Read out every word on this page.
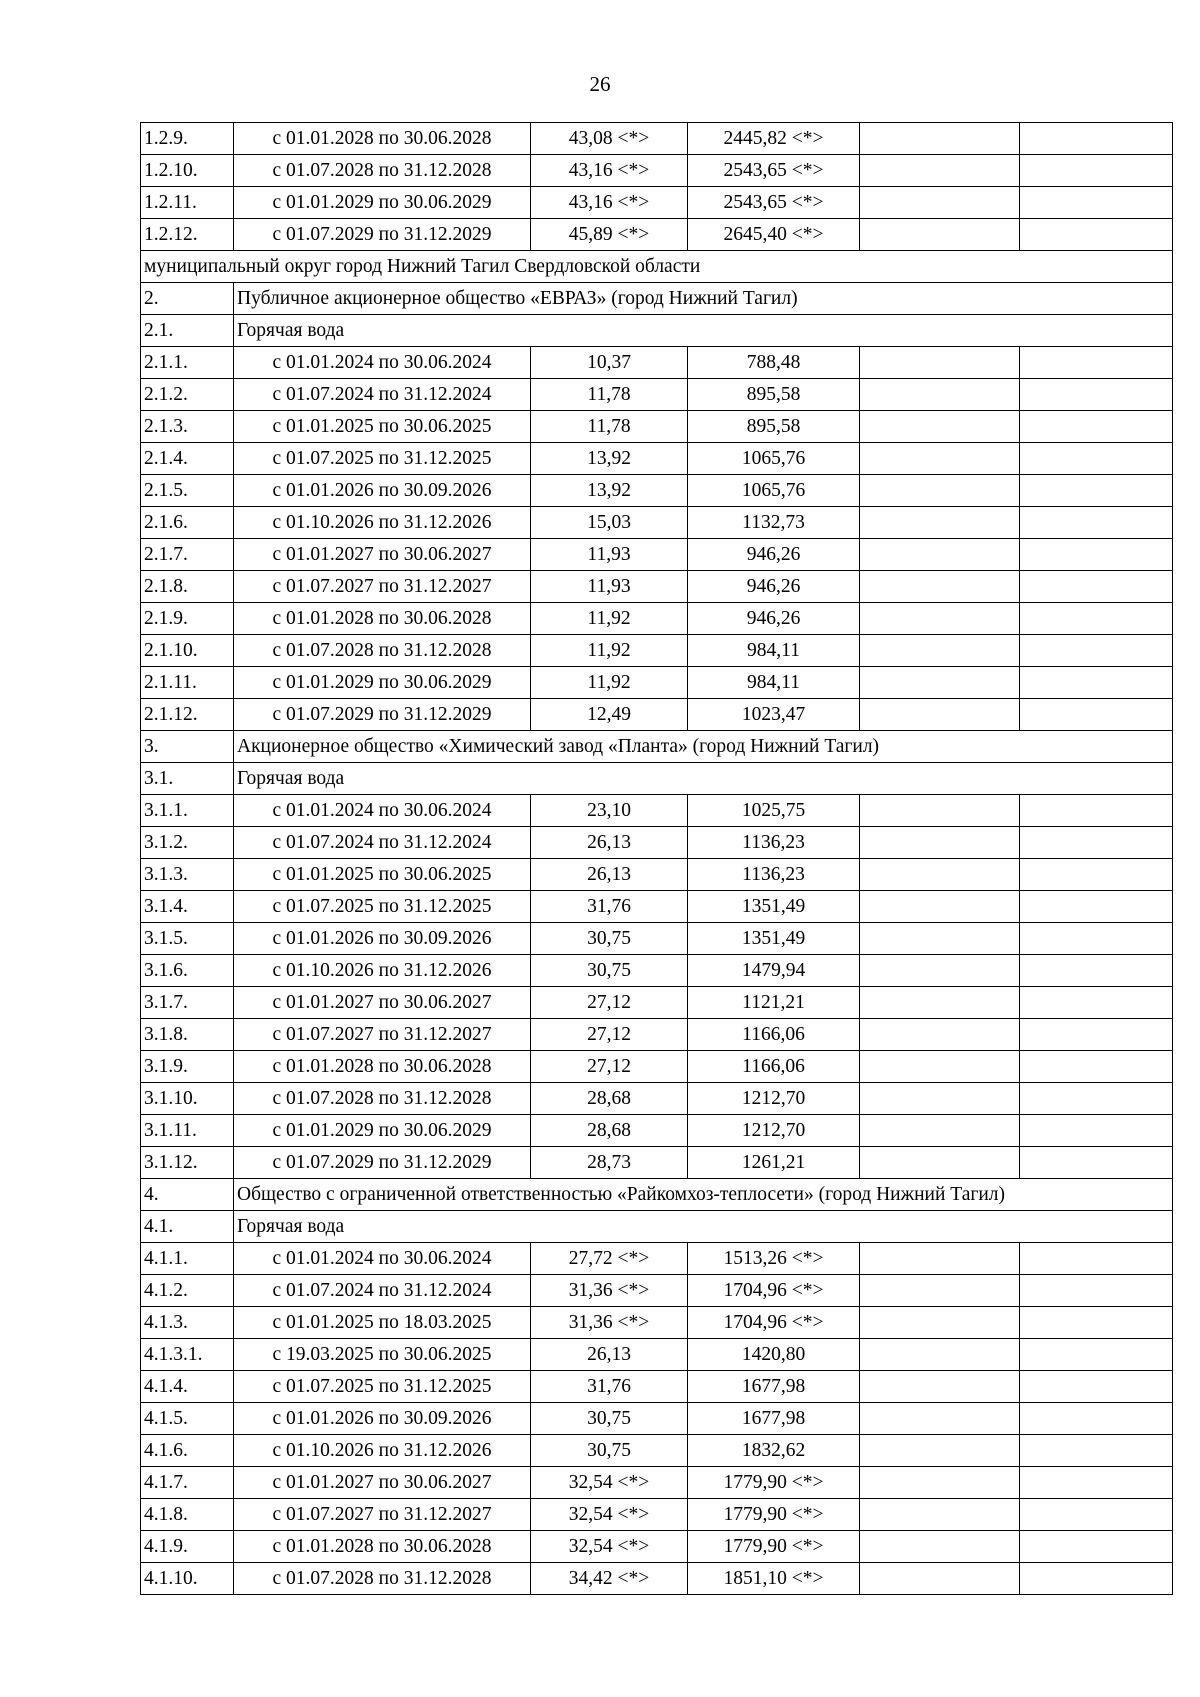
26
1.2.9.	с 01.01.2028 по 30.06.2028	43,08 <*>	2445,82 <*>		
1.2.10.	с 01.07.2028 по 31.12.2028	43,16 <*>	2543,65 <*>		
1.2.11.	с 01.01.2029 по 30.06.2029	43,16 <*>	2543,65 <*>		
1.2.12.	с 01.07.2029 по 31.12.2029	45,89 <*>	2645,40 <*>		
муниципальный округ город Нижний Тагил Свердловской области					
2.	Публичное акционерное общество «ЕВРАЗ» (город Нижний Тагил)				
2.1.	Горячая вода				
2.1.1.	с 01.01.2024 по 30.06.2024	10,37	788,48		
2.1.2.	с 01.07.2024 по 31.12.2024	11,78	895,58		
2.1.3.	с 01.01.2025 по 30.06.2025	11,78	895,58		
2.1.4.	с 01.07.2025 по 31.12.2025	13,92	1065,76		
2.1.5.	с 01.01.2026 по 30.09.2026	13,92	1065,76		
2.1.6.	с 01.10.2026 по 31.12.2026	15,03	1132,73		
2.1.7.	с 01.01.2027 по 30.06.2027	11,93	946,26		
2.1.8.	с 01.07.2027 по 31.12.2027	11,93	946,26		
2.1.9.	с 01.01.2028 по 30.06.2028	11,92	946,26		
2.1.10.	с 01.07.2028 по 31.12.2028	11,92	984,11		
2.1.11.	с 01.01.2029 по 30.06.2029	11,92	984,11		
2.1.12.	с 01.07.2029 по 31.12.2029	12,49	1023,47		
3.	Акционерное общество «Химический завод «Планта» (город Нижний Тагил)				
3.1.	Горячая вода				
3.1.1.	с 01.01.2024 по 30.06.2024	23,10	1025,75		
3.1.2.	с 01.07.2024 по 31.12.2024	26,13	1136,23		
3.1.3.	с 01.01.2025 по 30.06.2025	26,13	1136,23		
3.1.4.	с 01.07.2025 по 31.12.2025	31,76	1351,49		
3.1.5.	с 01.01.2026 по 30.09.2026	30,75	1351,49		
3.1.6.	с 01.10.2026 по 31.12.2026	30,75	1479,94		
3.1.7.	с 01.01.2027 по 30.06.2027	27,12	1121,21		
3.1.8.	с 01.07.2027 по 31.12.2027	27,12	1166,06		
3.1.9.	с 01.01.2028 по 30.06.2028	27,12	1166,06		
3.1.10.	с 01.07.2028 по 31.12.2028	28,68	1212,70		
3.1.11.	с 01.01.2029 по 30.06.2029	28,68	1212,70		
3.1.12.	с 01.07.2029 по 31.12.2029	28,73	1261,21		
4.	Общество с ограниченной ответственностью «Райкомхоз-теплосети» (город Нижний Тагил)				
4.1.	Горячая вода				
4.1.1.	с 01.01.2024 по 30.06.2024	27,72 <*>	1513,26 <*>		
4.1.2.	с 01.07.2024 по 31.12.2024	31,36 <*>	1704,96 <*>		
4.1.3.	с 01.01.2025 по 18.03.2025	31,36 <*>	1704,96 <*>		
4.1.3.1.	с 19.03.2025 по 30.06.2025	26,13	1420,80		
4.1.4.	с 01.07.2025 по 31.12.2025	31,76	1677,98		
4.1.5.	с 01.01.2026 по 30.09.2026	30,75	1677,98		
4.1.6.	с 01.10.2026 по 31.12.2026	30,75	1832,62		
4.1.7.	с 01.01.2027 по 30.06.2027	32,54 <*>	1779,90 <*>		
4.1.8.	с 01.07.2027 по 31.12.2027	32,54 <*>	1779,90 <*>		
4.1.9.	с 01.01.2028 по 30.06.2028	32,54 <*>	1779,90 <*>		
4.1.10.	с 01.07.2028 по 31.12.2028	34,42 <*>	1851,10 <*>		
